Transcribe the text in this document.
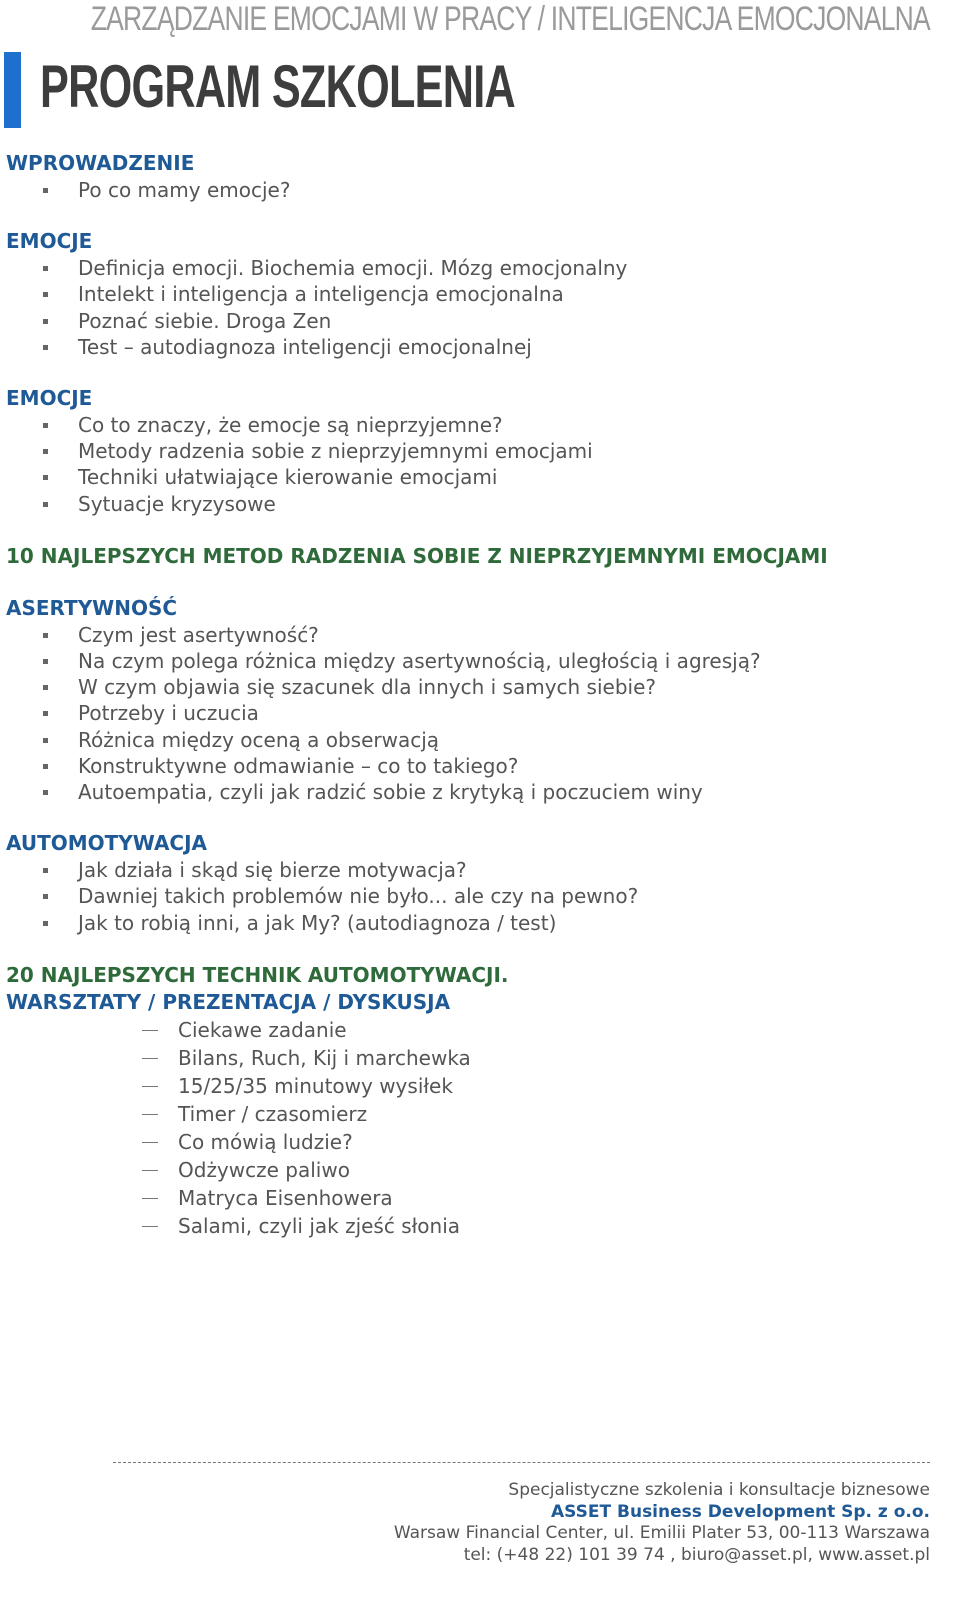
ZARZĄDZANIE EMOCJAMI W PRACY / INTELIGENCJA EMOCJONALNA
PROGRAM SZKOLENIA
WPROWADZENIE
Po co mamy emocje?
EMOCJE
Definicja emocji. Biochemia emocji. Mózg emocjonalny
Intelekt i inteligencja a inteligencja emocjonalna
Poznać siebie. Droga Zen
Test – autodiagnoza inteligencji emocjonalnej
EMOCJE
Co to znaczy, że emocje są nieprzyjemne?
Metody radzenia sobie z nieprzyjemnymi emocjami
Techniki ułatwiające kierowanie emocjami
Sytuacje kryzysowe
10 NAJLEPSZYCH METOD RADZENIA SOBIE Z NIEPRZYJEMNYMI EMOCJAMI
ASERTYWNOŚĆ
Czym jest asertywność?
Na czym polega różnica między asertywnością, uległością i agresją?
W czym objawia się szacunek dla innych i samych siebie?
Potrzeby i uczucia
Różnica między oceną a obserwacją
Konstruktywne odmawianie – co to takiego?
Autoempatia, czyli jak radzić sobie z krytyką i poczuciem winy
AUTOMOTYWACJA
Jak działa i skąd się bierze motywacja?
Dawniej takich problemów nie było... ale czy na pewno?
Jak to robią inni, a jak My? (autodiagnoza / test)
20 NAJLEPSZYCH TECHNIK AUTOMOTYWACJI.
WARSZTATY / PREZENTACJA / DYSKUSJA
Ciekawe zadanie
Bilans, Ruch, Kij i marchewka
15/25/35 minutowy wysiłek
Timer / czasomierz
Co mówią ludzie?
Odżywcze paliwo
Matryca Eisenhowera
Salami, czyli jak zjeść słonia
Specjalistyczne szkolenia i konsultacje biznesowe
ASSET Business Development Sp. z o.o.
Warsaw Financial Center, ul. Emilii Plater 53, 00-113 Warszawa
tel: (+48 22) 101 39 74 , biuro@asset.pl, www.asset.pl
